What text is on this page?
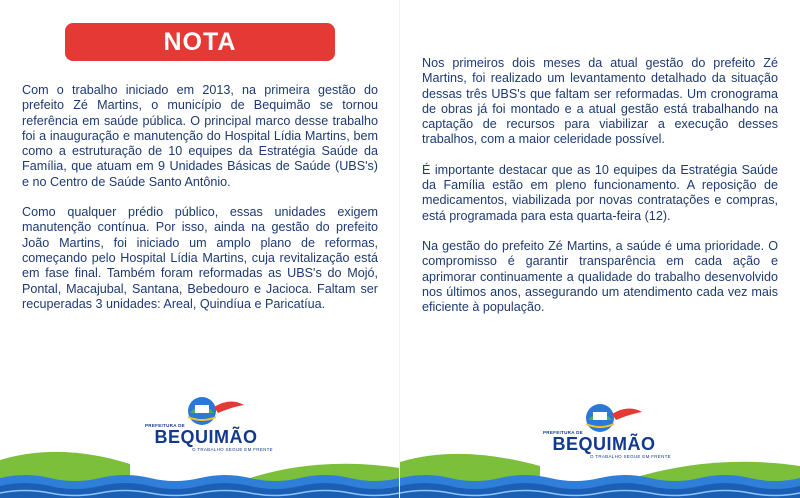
NOTA

Com o trabalho iniciado em 2013, na primeira gestão do prefeito Zé Martins, o município de Bequimão se tornou referência em saúde pública. O principal marco desse trabalho foi a inauguração e manutenção do Hospital Lídia Martins, bem como a estruturação de 10 equipes da Estratégia Saúde da Família, que atuam em 9 Unidades Básicas de Saúde (UBS's) e no Centro de Saúde Santo Antônio.

Como qualquer prédio público, essas unidades exigem manutenção contínua. Por isso, ainda na gestão do prefeito João Martins, foi iniciado um amplo plano de reformas, começando pelo Hospital Lídia Martins, cuja revitalização está em fase final. Também foram reformadas as UBS's do Mojó, Pontal, Macajubal, Santana, Bebedouro e Jacioca. Faltam ser recuperadas 3 unidades: Areal, Quindíua e Paricatíua.

PREFEITURA DE
BEQUIMÃO
O TRABALHO SEGUE EM FRENTE

Nos primeiros dois meses da atual gestão do prefeito Zé Martins, foi realizado um levantamento detalhado da situação dessas três UBS's que faltam ser reformadas. Um cronograma de obras já foi montado e a atual gestão está trabalhando na captação de recursos para viabilizar a execução desses trabalhos, com a maior celeridade possível.

É importante destacar que as 10 equipes da Estratégia Saúde da Família estão em pleno funcionamento. A reposição de medicamentos, viabilizada por novas contratações e compras, está programada para esta quarta-feira (12).

Na gestão do prefeito Zé Martins, a saúde é uma prioridade. O compromisso é garantir transparência em cada ação e aprimorar continuamente a qualidade do trabalho desenvolvido nos últimos anos, assegurando um atendimento cada vez mais eficiente à população.

PREFEITURA DE
BEQUIMÃO
O TRABALHO SEGUE EM FRENTE
